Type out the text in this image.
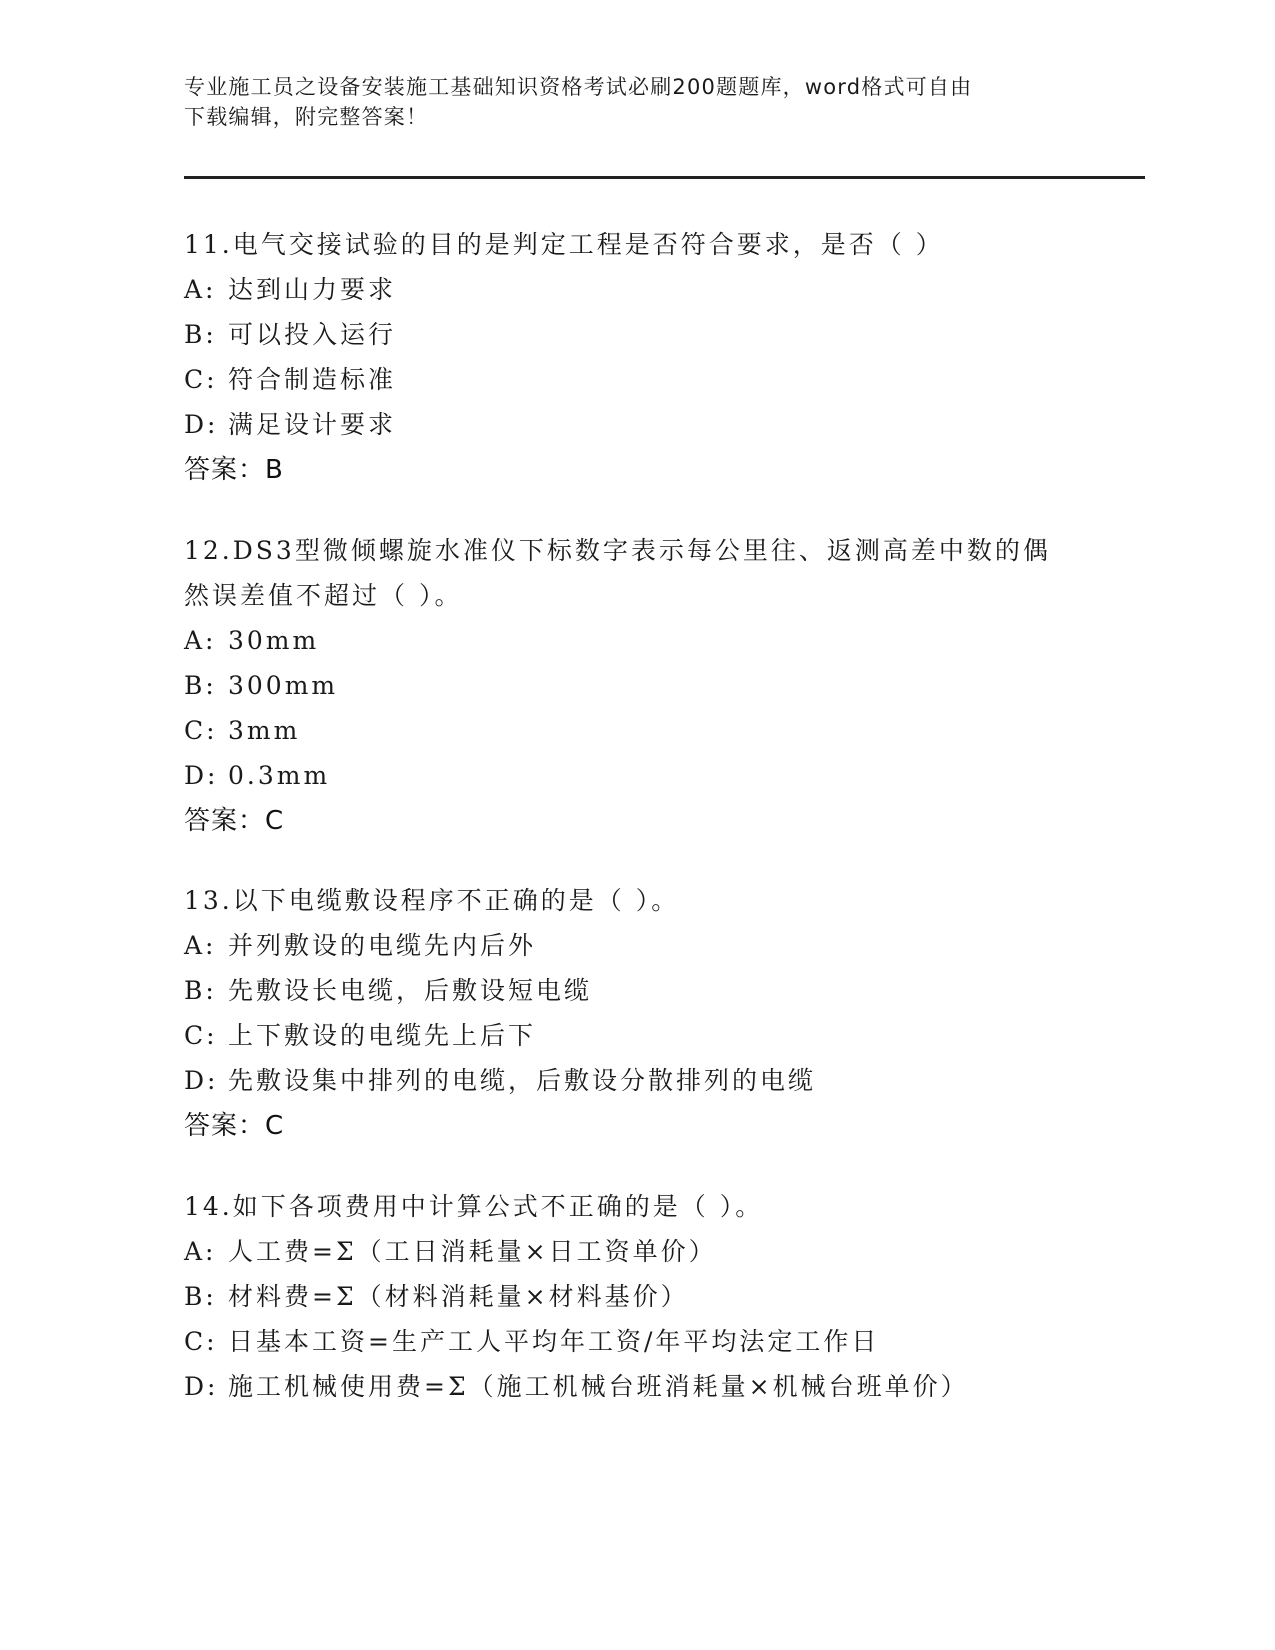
专业施工员之设备安装施工基础知识资格考试必刷200题题库，word格式可自由
下载编辑，附完整答案！

11.电气交接试验的目的是判定工程是否符合要求，是否（ ）

A: 达到山力要求

B: 可以投入运行

C: 符合制造标准

D: 满足设计要求

答案：B

12.DS3型微倾螺旋水准仪下标数字表示每公里往、返测高差中数的偶

然误差值不超过（ ）。

A: 30mm

B: 300mm

C: 3mm

D: 0.3mm

答案：C

13.以下电缆敷设程序不正确的是（ ）。

A: 并列敷设的电缆先内后外

B: 先敷设长电缆，后敷设短电缆

C: 上下敷设的电缆先上后下

D: 先敷设集中排列的电缆，后敷设分散排列的电缆

答案：C

14.如下各项费用中计算公式不正确的是（ ）。

A: 人工费=Σ（工日消耗量×日工资单价）

B: 材料费=Σ（材料消耗量×材料基价）

C: 日基本工资=生产工人平均年工资/年平均法定工作日

D: 施工机械使用费=Σ（施工机械台班消耗量×机械台班单价）
